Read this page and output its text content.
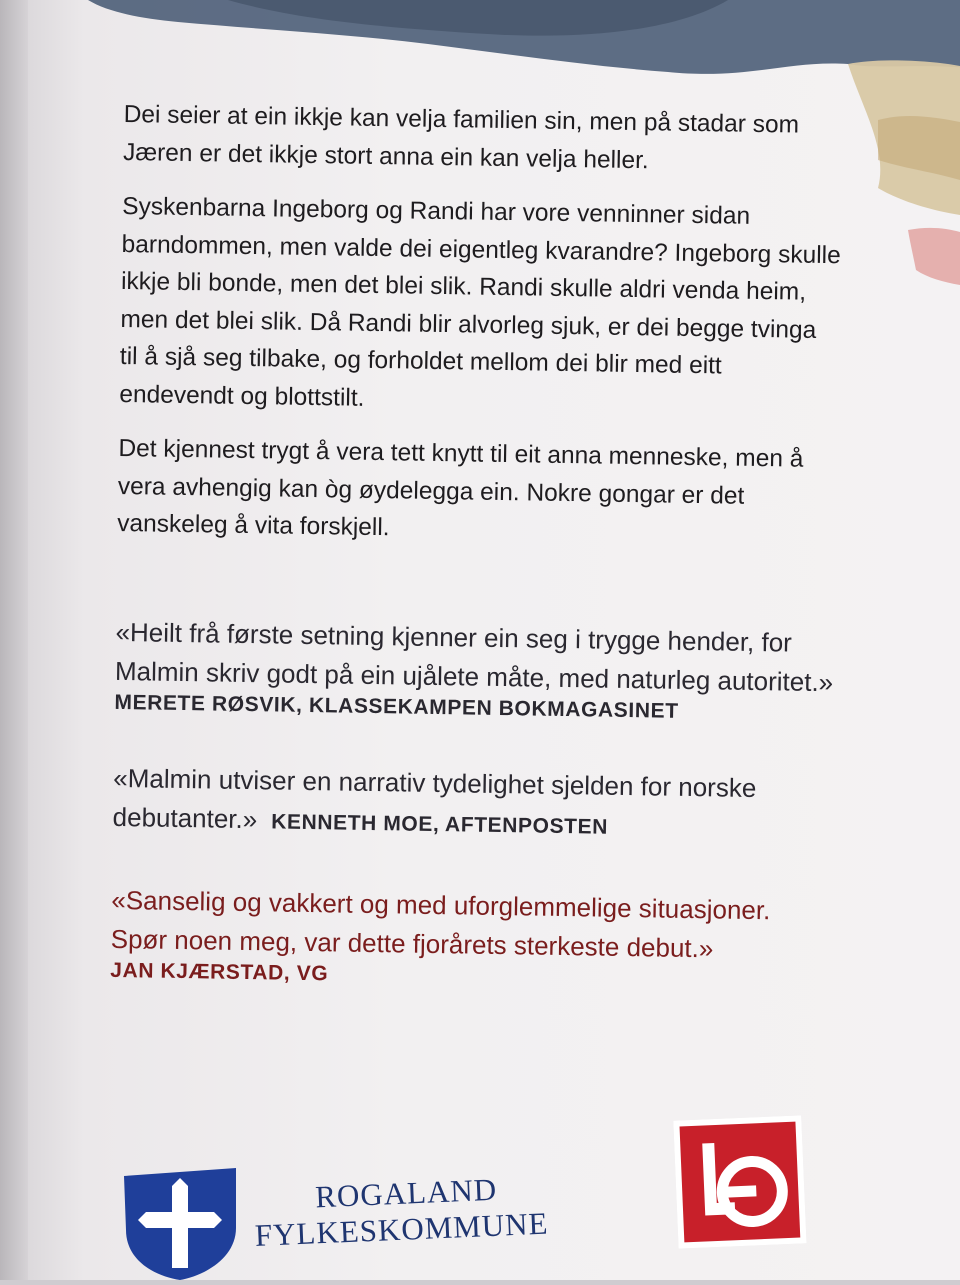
Dei seier at ein ikkje kan velja familien sin, men på stadar som Jæren er det ikkje stort anna ein kan velja heller.

Syskenbarna Ingeborg og Randi har vore venninner sidan barndommen, men valde dei eigentleg kvarandre? Ingeborg skulle ikkje bli bonde, men det blei slik. Randi skulle aldri venda heim, men det blei slik. Då Randi blir alvorleg sjuk, er dei begge tvinga til å sjå seg tilbake, og forholdet mellom dei blir med eitt endevendt og blottstilt.

Det kjennest trygt å vera tett knytt til eit anna menneske, men å vera avhengig kan òg øydelegga ein. Nokre gongar er det vanskeleg å vita forskjell.

«Heilt frå første setning kjenner ein seg i trygge hender, for Malmin skriv godt på ein ujålete måte, med naturleg autoritet.»

MERETE RØSVIK, KLASSEKAMPEN BOKMAGASINET

«Malmin utviser en narrativ tydelighet sjelden for norske debutanter.» KENNETH MOE, AFTENPOSTEN

«Sanselig og vakkert og med uforglemmelige situasjoner. Spør noen meg, var dette fjorårets sterkeste debut.»

JAN KJÆRSTAD, VG
ROGALAND
FYLKESKOMMUNE
